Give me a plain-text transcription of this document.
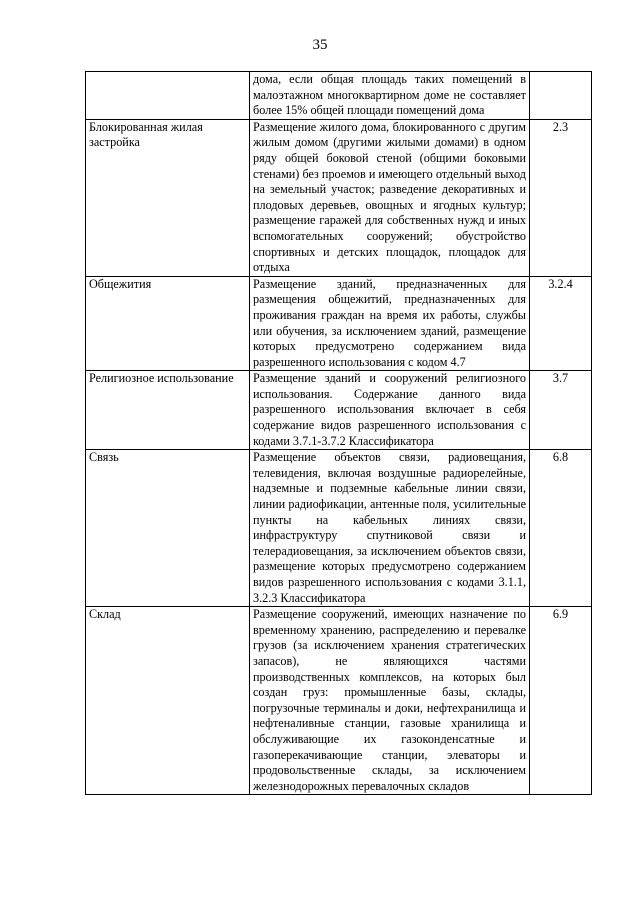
35
	дома, если общая площадь таких помещений в малоэтажном многоквартирном доме не составляет более 15% общей площади помещений дома	
Блокированная жилая застройка	Размещение жилого дома, блокированного с другим жилым домом (другими жилыми домами) в одном ряду общей боковой стеной (общими боковыми стенами) без проемов и имеющего отдельный выход на земельный участок; разведение декоративных и плодовых деревьев, овощных и ягодных культур; размещение гаражей для собственных нужд и иных вспомогательных сооружений; обустройство спортивных и детских площадок, площадок для отдыха	2.3
Общежития	Размещение зданий, предназначенных для размещения общежитий, предназначенных для проживания граждан на время их работы, службы или обучения, за исключением зданий, размещение которых предусмотрено содержанием вида разрешенного использования с кодом 4.7	3.2.4
Религиозное использование	Размещение зданий и сооружений религиозного использования. Содержание данного вида разрешенного использования включает в себя содержание видов разрешенного использования с кодами 3.7.1-3.7.2 Классификатора	3.7
Связь	Размещение объектов связи, радиовещания, телевидения, включая воздушные радиорелейные, надземные и подземные кабельные линии связи, линии радиофикации, антенные поля, усилительные пункты на кабельных линиях связи, инфраструктуру спутниковой связи и телерадиовещания, за исключением объектов связи, размещение которых предусмотрено содержанием видов разрешенного использования с кодами 3.1.1, 3.2.3 Классификатора	6.8
Склад	Размещение сооружений, имеющих назначение по временному хранению, распределению и перевалке грузов (за исключением хранения стратегических запасов), не являющихся частями производственных комплексов, на которых был создан груз: промышленные базы, склады, погрузочные терминалы и доки, нефтехранилища и нефтеналивные станции, газовые хранилища и обслуживающие их газоконденсатные и газоперекачивающие станции, элеваторы и продовольственные склады, за исключением железнодорожных перевалочных складов	6.9
